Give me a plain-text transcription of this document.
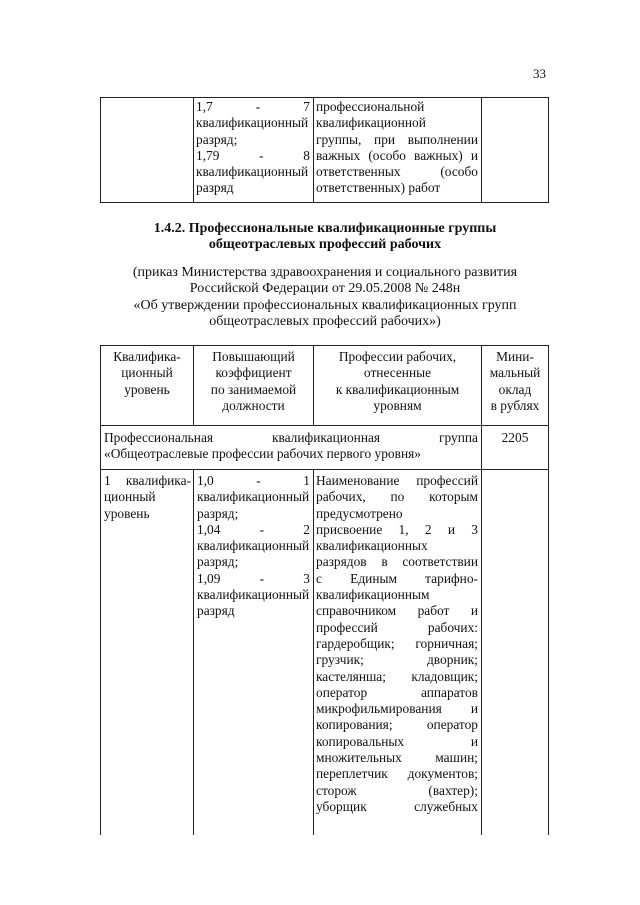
33
1,7 - 7
квалификационный
разряд;
1,79 - 8
квалификационный
разряд
профессиональной
квалификационной
группы, при выполнении
важных (особо важных) и
ответственных (особо
ответственных) работ
1.4.2. Профессиональные квалификационные группы
общеотраслевых профессий рабочих
(приказ Министерства здравоохранения и социального развития
Российской Федерации от 29.05.2008 № 248н
«Об утверждении профессиональных квалификационных групп
общеотраслевых профессий рабочих»)
Квалифика-
ционный
уровень
Повышающий
коэффициент
по занимаемой
должности
Профессии рабочих,
отнесенные
к квалификационным
уровням
Мини-
мальный
оклад
в рублях
Профессиональная квалификационная группа
«Общеотраслевые профессии рабочих первого уровня»
2205
1 квалифика-
ционный
уровень
1,0 - 1
квалификационный
разряд;
1,04 - 2
квалификационный
разряд;
1,09 - 3
квалификационный
разряд
Наименование профессий
рабочих, по которым
предусмотрено
присвоение 1, 2 и 3
квалификационных
разрядов в соответствии
с Единым тарифно-
квалификационным
справочником работ и
профессий рабочих:
гардеробщик; горничная;
грузчик; дворник;
кастелянша; кладовщик;
оператор аппаратов
микрофильмирования и
копирования; оператор
копировальных и
множительных машин;
переплетчик документов;
сторож (вахтер);
уборщик служебных
